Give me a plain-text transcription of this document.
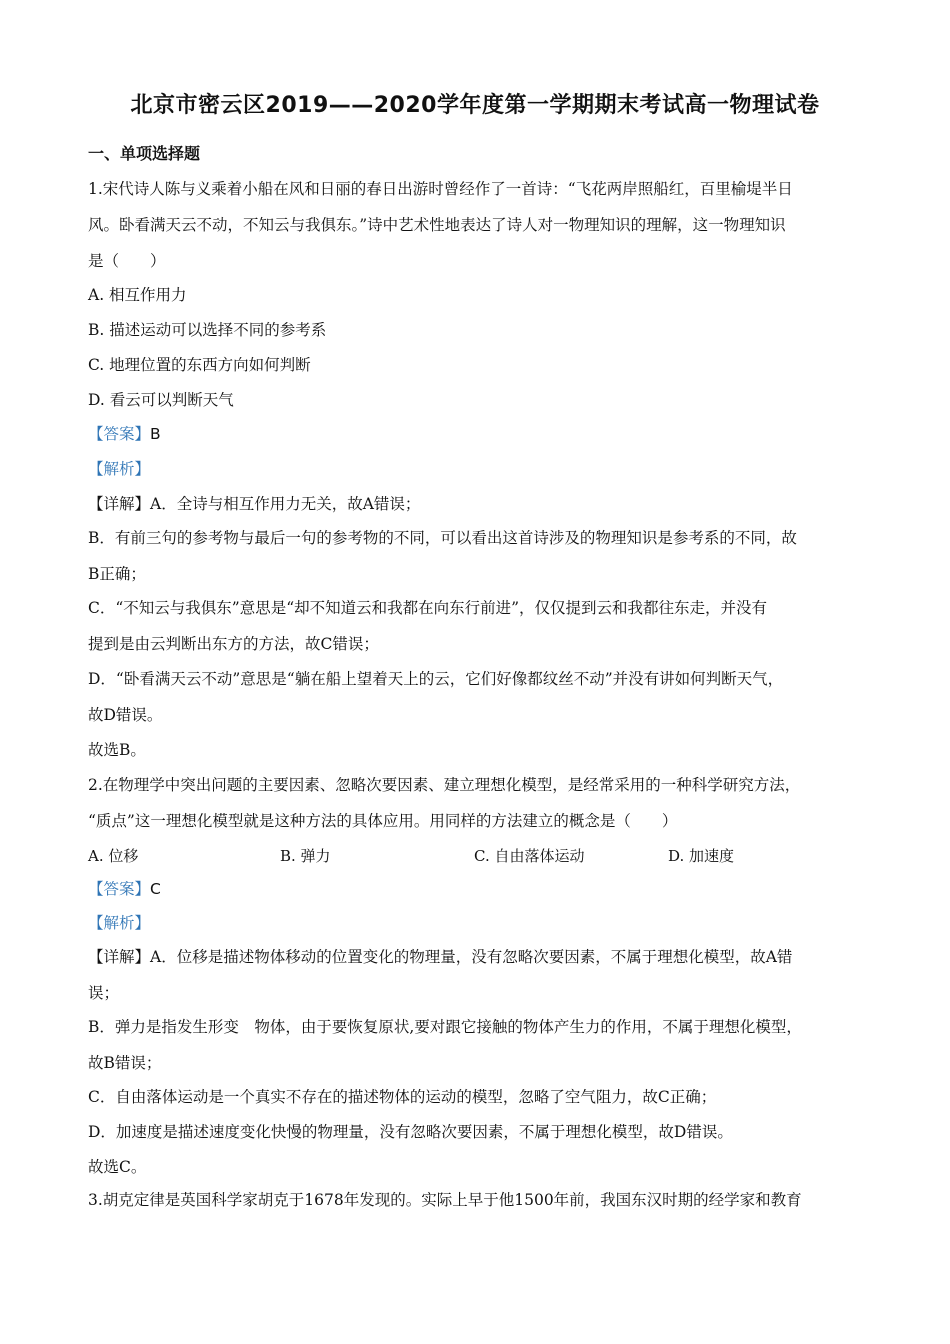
北京市密云区2019——2020学年度第一学期期末考试高一物理试卷
一、单项选择题
1.宋代诗人陈与义乘着小船在风和日丽的春日出游时曾经作了一首诗：“飞花两岸照船红，百里榆堤半日
风。卧看满天云不动，不知云与我俱东。”诗中艺术性地表达了诗人对一物理知识的理解，这一物理知识
是（　　）
A. 相互作用力
B. 描述运动可以选择不同的参考系
C. 地理位置的东西方向如何判断
D. 看云可以判断天气
【答案】B
【解析】
【详解】A．全诗与相互作用力无关，故A错误；
B．有前三句的参考物与最后一句的参考物的不同，可以看出这首诗涉及的物理知识是参考系的不同，故
B正确；
C．“不知云与我俱东”意思是“却不知道云和我都在向东行前进”，仅仅提到云和我都往东走，并没有
提到是由云判断出东方的方法，故C错误；
D．“卧看满天云不动”意思是“躺在船上望着天上的云，它们好像都纹丝不动”并没有讲如何判断天气，
故D错误。
故选B。
2.在物理学中突出问题的主要因素、忽略次要因素、建立理想化模型，是经常采用的一种科学研究方法，
“质点”这一理想化模型就是这种方法的具体应用。用同样的方法建立的概念是（　　）
A. 位移	B. 弹力	C. 自由落体运动	D. 加速度
【答案】C
【解析】
【详解】A．位移是描述物体移动的位置变化的物理量，没有忽略次要因素，不属于理想化模型，故A错
误；
B．弹力是指发生形变　物体，由于要恢复原状,要对跟它接触的物体产生力的作用，不属于理想化模型，
故B错误；
C．自由落体运动是一个真实不存在的描述物体的运动的模型，忽略了空气阻力，故C正确；
D．加速度是描述速度变化快慢的物理量，没有忽略次要因素，不属于理想化模型，故D错误。
故选C。
3.胡克定律是英国科学家胡克于1678年发现的。实际上早于他1500年前，我国东汉时期的经学家和教育
